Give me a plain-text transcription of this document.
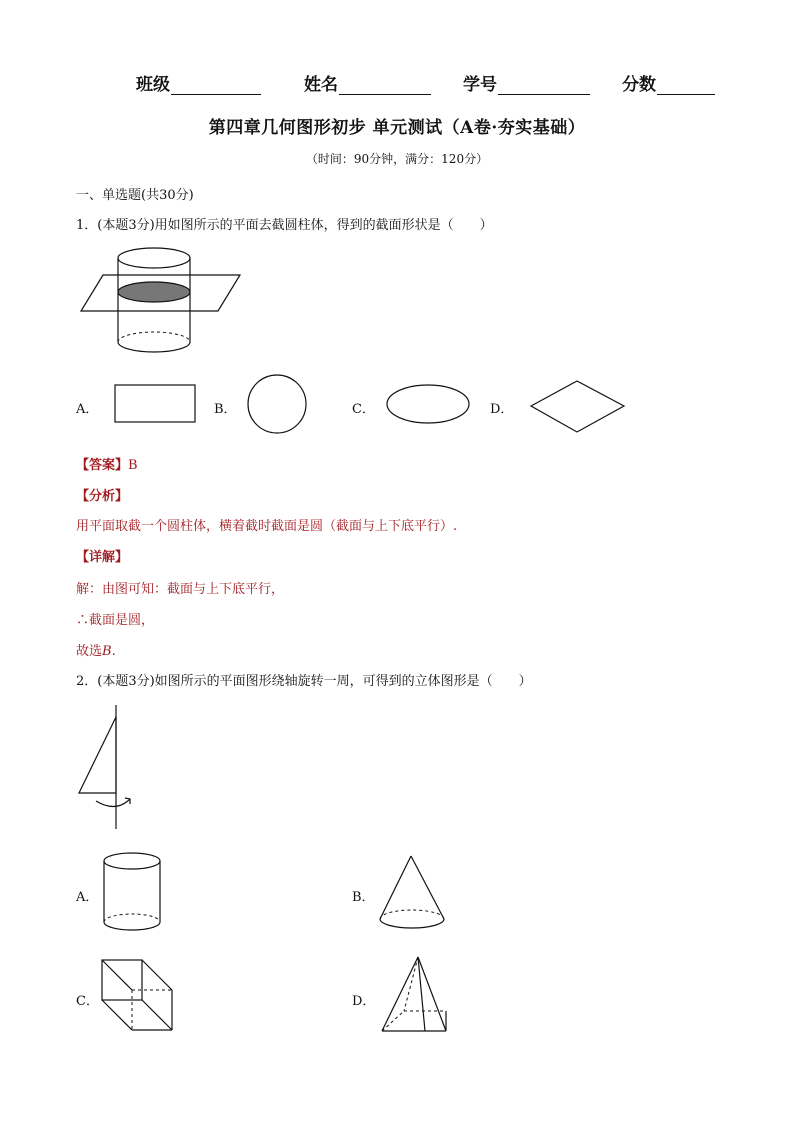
班级	姓名	学号	分数
第四章几何图形初步 单元测试（A卷·夯实基础）
（时间：90分钟，满分：120分）
一、单选题(共30分)
1．(本题3分)用如图所示的平面去截圆柱体，得到的截面形状是（　　）
A．	B．	C．	D．
【答案】B
【分析】
用平面取截一个圆柱体，横着截时截面是圆（截面与上下底平行）.
【详解】
解：由图可知：截面与上下底平行，
∴截面是圆，
故选B.
2．(本题3分)如图所示的平面图形绕轴旋转一周，可得到的立体图形是（　　）
A．	B．
C．	D．
